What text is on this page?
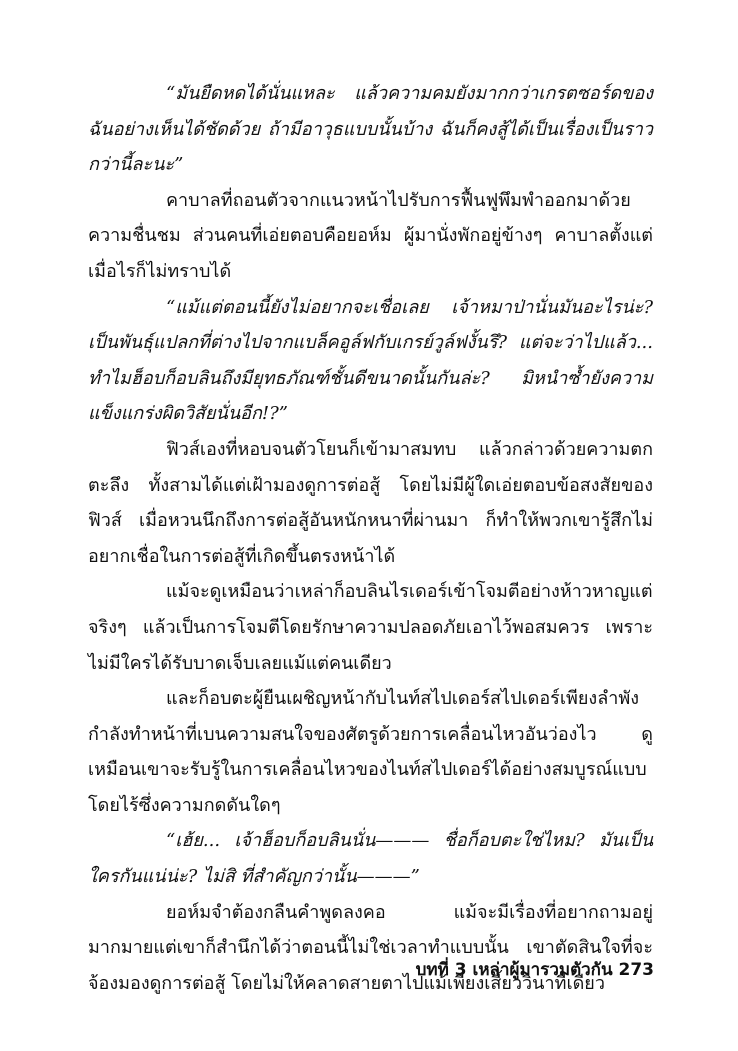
“มันยืดหดได้นั่นแหละ แล้วความคมยังมากกว่าเกรตซอร์ดของฉันอย่างเห็นได้ชัดด้วย ถ้ามีอาวุธแบบนั้นบ้าง ฉันก็คงสู้ได้เป็นเรื่องเป็นราวกว่านี้ละนะ”

คาบาลที่ถอนตัวจากแนวหน้าไปรับการฟื้นฟูพึมพำออกมาด้วยความชื่นชม ส่วนคนที่เอ่ยตอบคือยอห์ม ผู้มานั่งพักอยู่ข้างๆ คาบาลตั้งแต่เมื่อไรก็ไม่ทราบได้

“แม้แต่ตอนนี้ยังไม่อยากจะเชื่อเลย เจ้าหมาป่านั่นมันอะไรน่ะ? เป็นพันธุ์แปลกที่ต่างไปจากแบล็คอูล์ฟกับเกรย์วูล์ฟงั้นรึ? แต่จะว่าไปแล้ว... ทำไมฮ็อบก็อบลินถึงมียุทธภัณฑ์ชั้นดีขนาดนั้นกันล่ะ? มิหนำซ้ำยังความแข็งแกร่งผิดวิสัยนั่นอีก!?”

ฟิวส์เองที่หอบจนตัวโยนก็เข้ามาสมทบ แล้วกล่าวด้วยความตกตะลึง ทั้งสามได้แต่เฝ้ามองดูการต่อสู้ โดยไม่มีผู้ใดเอ่ยตอบข้อสงสัยของฟิวส์ เมื่อหวนนึกถึงการต่อสู้อันหนักหนาที่ผ่านมา ก็ทำให้พวกเขารู้สึกไม่อยากเชื่อในการต่อสู้ที่เกิดขึ้นตรงหน้าได้

แม้จะดูเหมือนว่าเหล่าก็อบลินไรเดอร์เข้าโจมตีอย่างห้าวหาญแต่จริงๆ แล้วเป็นการโจมตีโดยรักษาความปลอดภัยเอาไว้พอสมควร เพราะไม่มีใครได้รับบาดเจ็บเลยแม้แต่คนเดียว

และก็อบตะผู้ยืนเผชิญหน้ากับไนท์สไปเดอร์สไปเดอร์เพียงลำพังกำลังทำหน้าที่เบนความสนใจของศัตรูด้วยการเคลื่อนไหวอันว่องไว ดูเหมือนเขาจะรับรู้ในการเคลื่อนไหวของไนท์สไปเดอร์ได้อย่างสมบูรณ์แบบ โดยไร้ซึ่งความกดดันใดๆ

“เฮ้ย... เจ้าฮ็อบก็อบลินนั่น——— ชื่อก็อบตะใช่ไหม? มันเป็นใครกันแน่น่ะ? ไม่สิ ที่สำคัญกว่านั้น———”

ยอห์มจำต้องกลืนคำพูดลงคอ แม้จะมีเรื่องที่อยากถามอยู่มากมายแต่เขาก็สำนึกได้ว่าตอนนี้ไม่ใช่เวลาทำแบบนั้น เขาตัดสินใจที่จะจ้องมองดูการต่อสู้ โดยไม่ให้คลาดสายตาไปแม้เพียงเสี้ยววินาทีเดียว

บทที่ 3 เหล่าผู้มารวมตัวกัน 273
